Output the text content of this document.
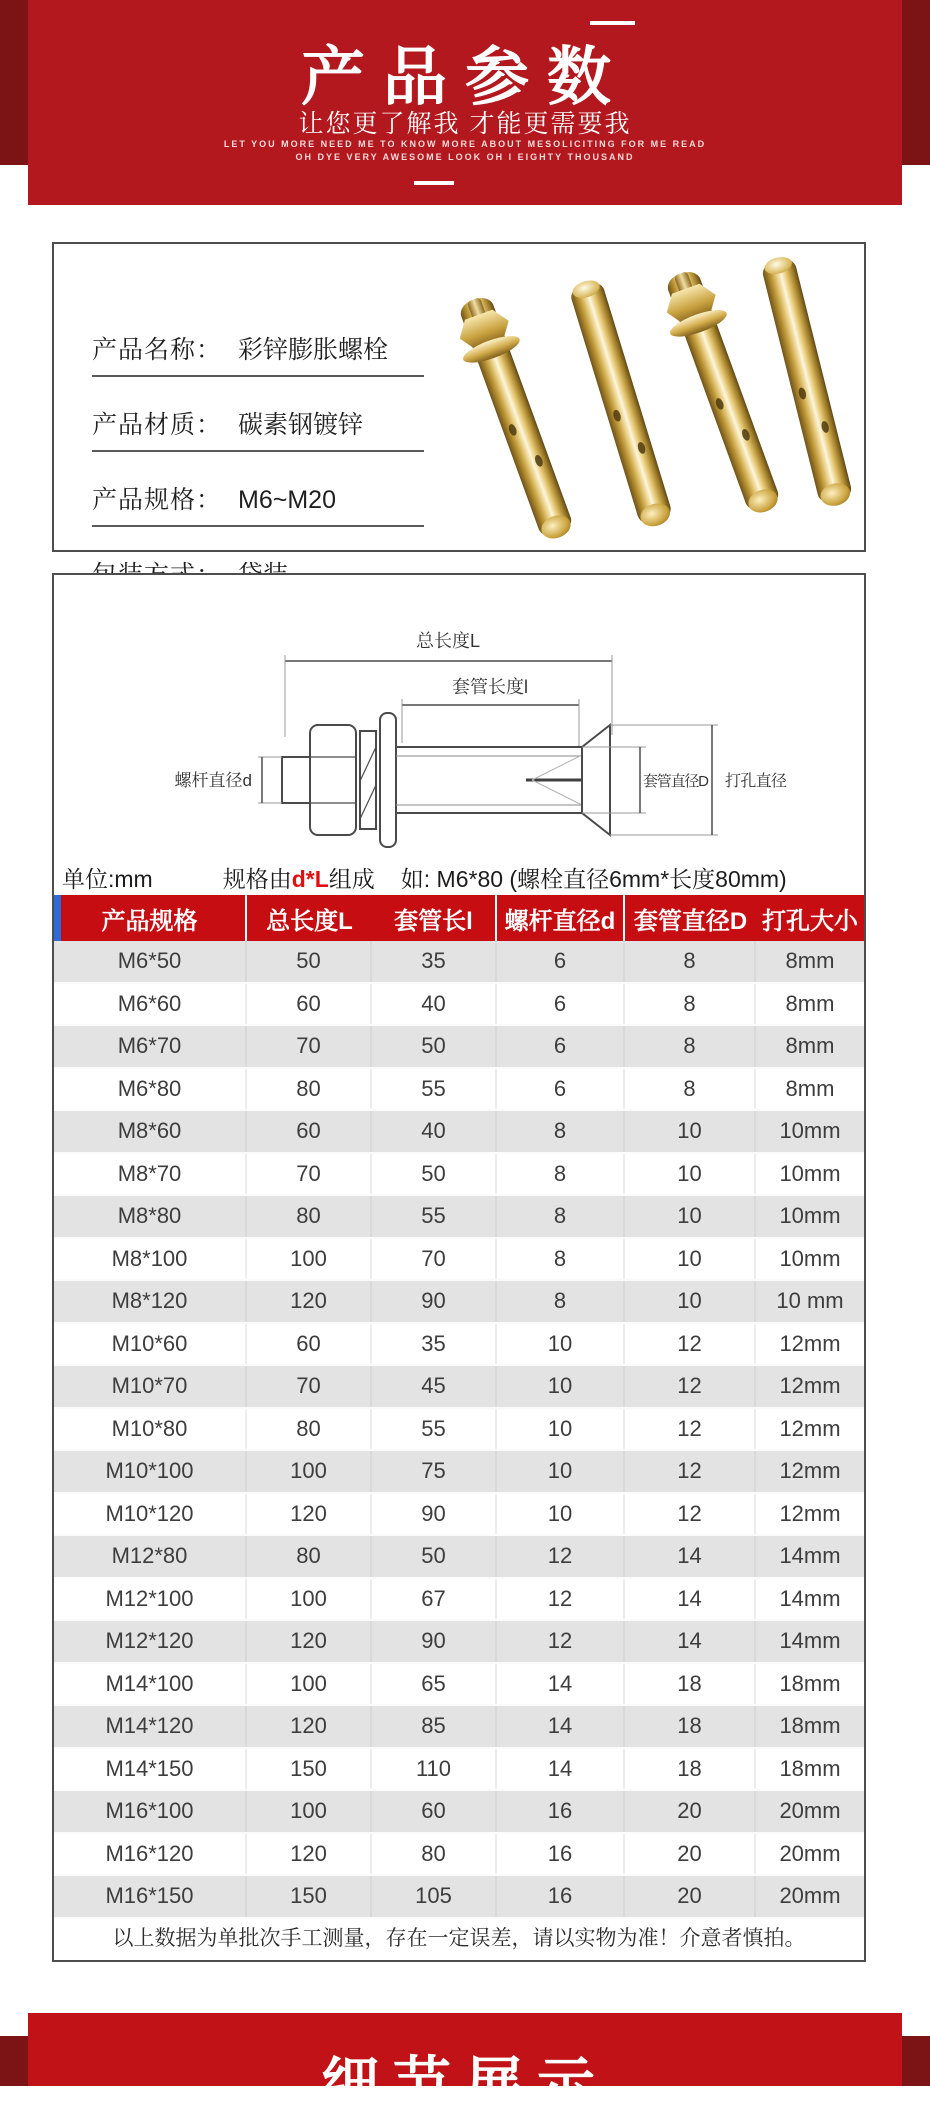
产品参数
让您更了解我 才能更需要我
LET YOU MORE NEED ME TO KNOW MORE ABOUT MESOLICITING FOR ME READ
OH DYE VERY AWESOME LOOK OH I EIGHTY THOUSAND
产品名称： 彩锌膨胀螺栓
产品材质： 碳素钢镀锌
产品规格： M6~M20
总长度L
套管长度l
螺杆直径d	套管直径D 打孔直径
单位:mm	规格由d*L组成 如: M6*80 (螺栓直径6mm*长度80mm)
产品规格	总长度L	套管长l	螺杆直径d 套管直径D 打孔大小
M6*50	50	35	6	8	8mm
M6*60	60	40	6	8	8mm
M6*70	70	50	6	8	8mm
M6*80	80	55	6	8	8mm
M8*60	60	40	8	10	10mm
M8*70	70	50	8	10	10mm
M8*80	80	55	8	10	10mm
M8*100	100	70	8	10	10mm
M8*120	120	90	8	10	10 mm
M10*60	60	35	10	12	12mm
M10*70	70	45	10	12	12mm
M10*80	80	55	10	12	12mm
M10*100	100	75	10	12	12mm
M10*120	120	90	10	12	12mm
M12*80	80	50	12	14	14mm
M12*100	100	67	12	14	14mm
M12*120	120	90	12	14	14mm
M14*100	100	65	14	18	18mm
M14*120	120	85	14	18	18mm
M14*150	150	110	14	18	18mm
M16*100	100	60	16	20	20mm
M16*120	120	80	16	20	20mm
M16*150	150	105	16	20	20mm
以上数据为单批次手工测量，存在一定误差，请以实物为准！介意者慎拍。
细节展示
